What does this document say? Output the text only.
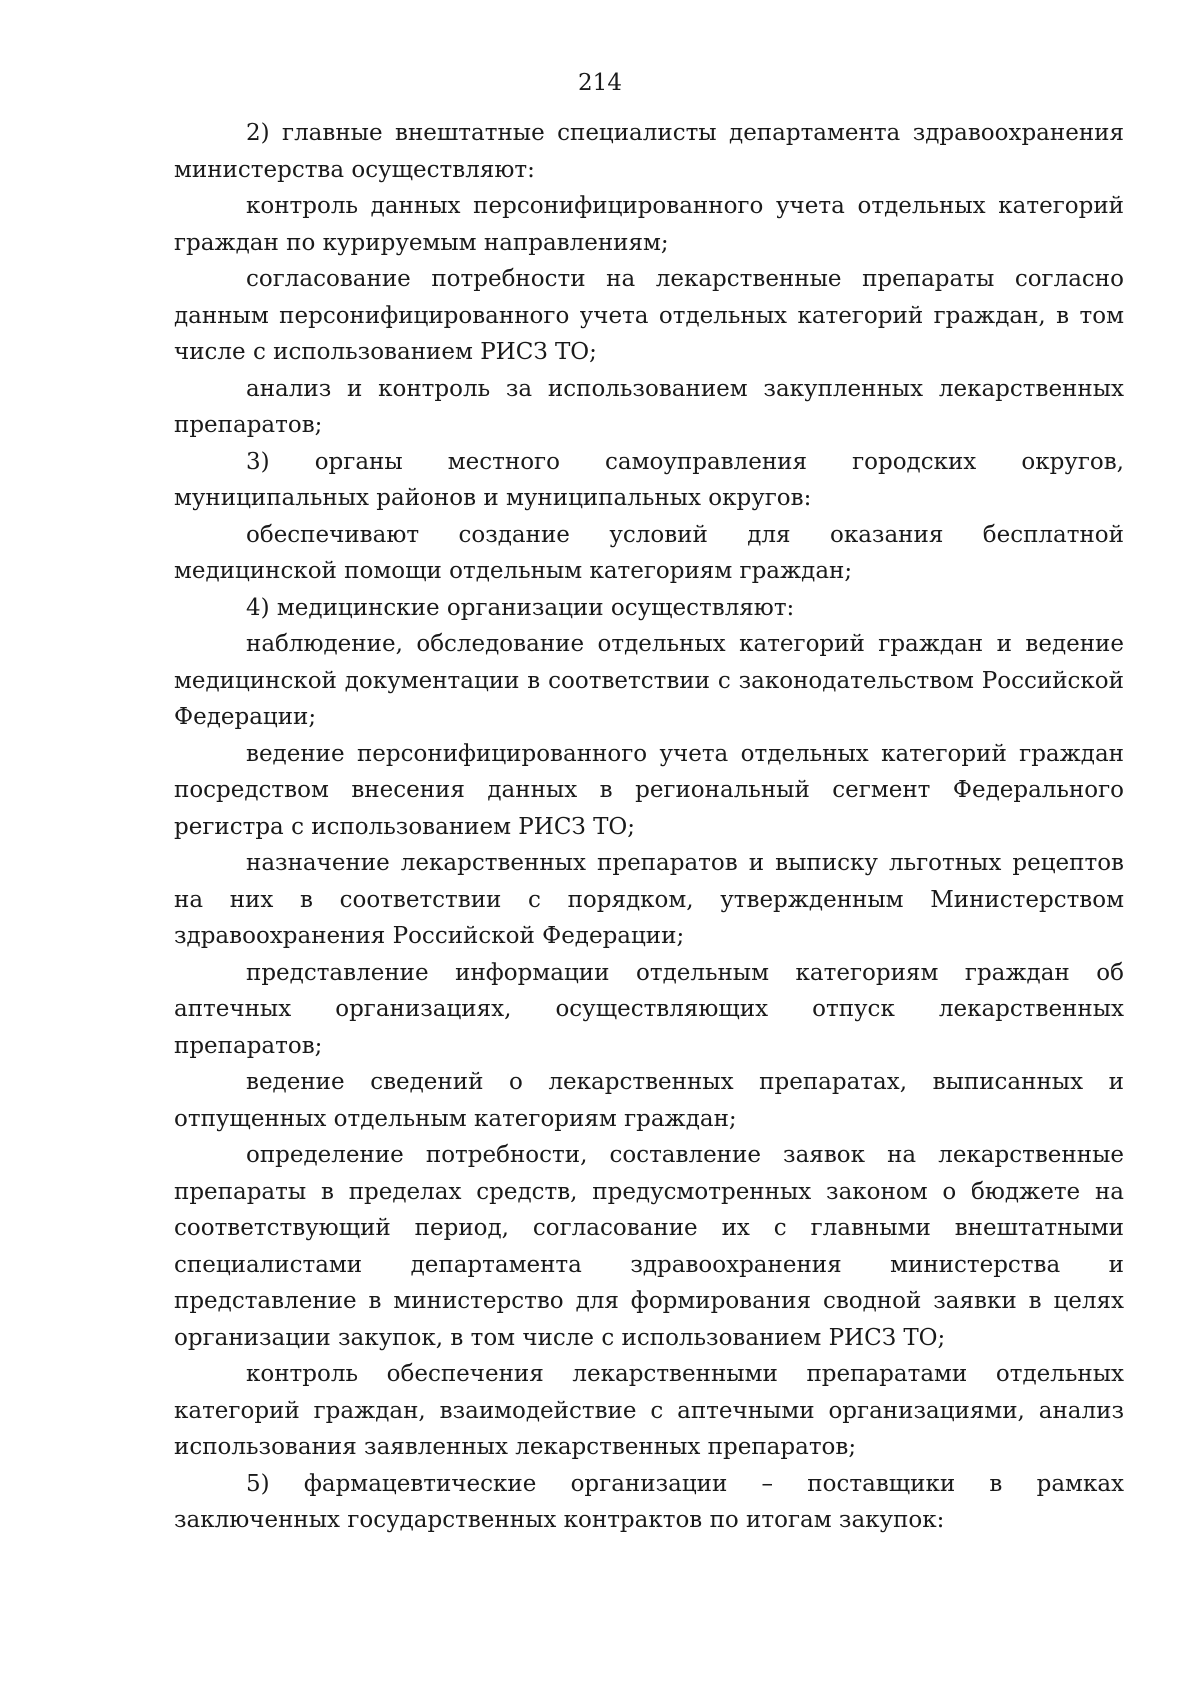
214

2) главные внештатные специалисты департамента здравоохранения министерства осуществляют:

контроль данных персонифицированного учета отдельных категорий граждан по курируемым направлениям;

согласование потребности на лекарственные препараты согласно данным персонифицированного учета отдельных категорий граждан, в том числе с использованием РИСЗ ТО;

анализ и контроль за использованием закупленных лекарственных препаратов;

3) органы местного самоуправления городских округов, муниципальных районов и муниципальных округов:

обеспечивают создание условий для оказания бесплатной медицинской помощи отдельным категориям граждан;

4) медицинские организации осуществляют:

наблюдение, обследование отдельных категорий граждан и ведение медицинской документации в соответствии с законодательством Российской Федерации;

ведение персонифицированного учета отдельных категорий граждан посредством внесения данных в региональный сегмент Федерального регистра с использованием РИСЗ ТО;

назначение лекарственных препаратов и выписку льготных рецептов на них в соответствии с порядком, утвержденным Министерством здравоохранения Российской Федерации;

представление информации отдельным категориям граждан об аптечных организациях, осуществляющих отпуск лекарственных препаратов;

ведение сведений о лекарственных препаратах, выписанных и отпущенных отдельным категориям граждан;

определение потребности, составление заявок на лекарственные препараты в пределах средств, предусмотренных законом о бюджете на соответствующий период, согласование их с главными внештатными специалистами департамента здравоохранения министерства и представление в министерство для формирования сводной заявки в целях организации закупок, в том числе с использованием РИСЗ ТО;

контроль обеспечения лекарственными препаратами отдельных категорий граждан, взаимодействие с аптечными организациями, анализ использования заявленных лекарственных препаратов;

5) фармацевтические организации – поставщики в рамках заключенных государственных контрактов по итогам закупок:
